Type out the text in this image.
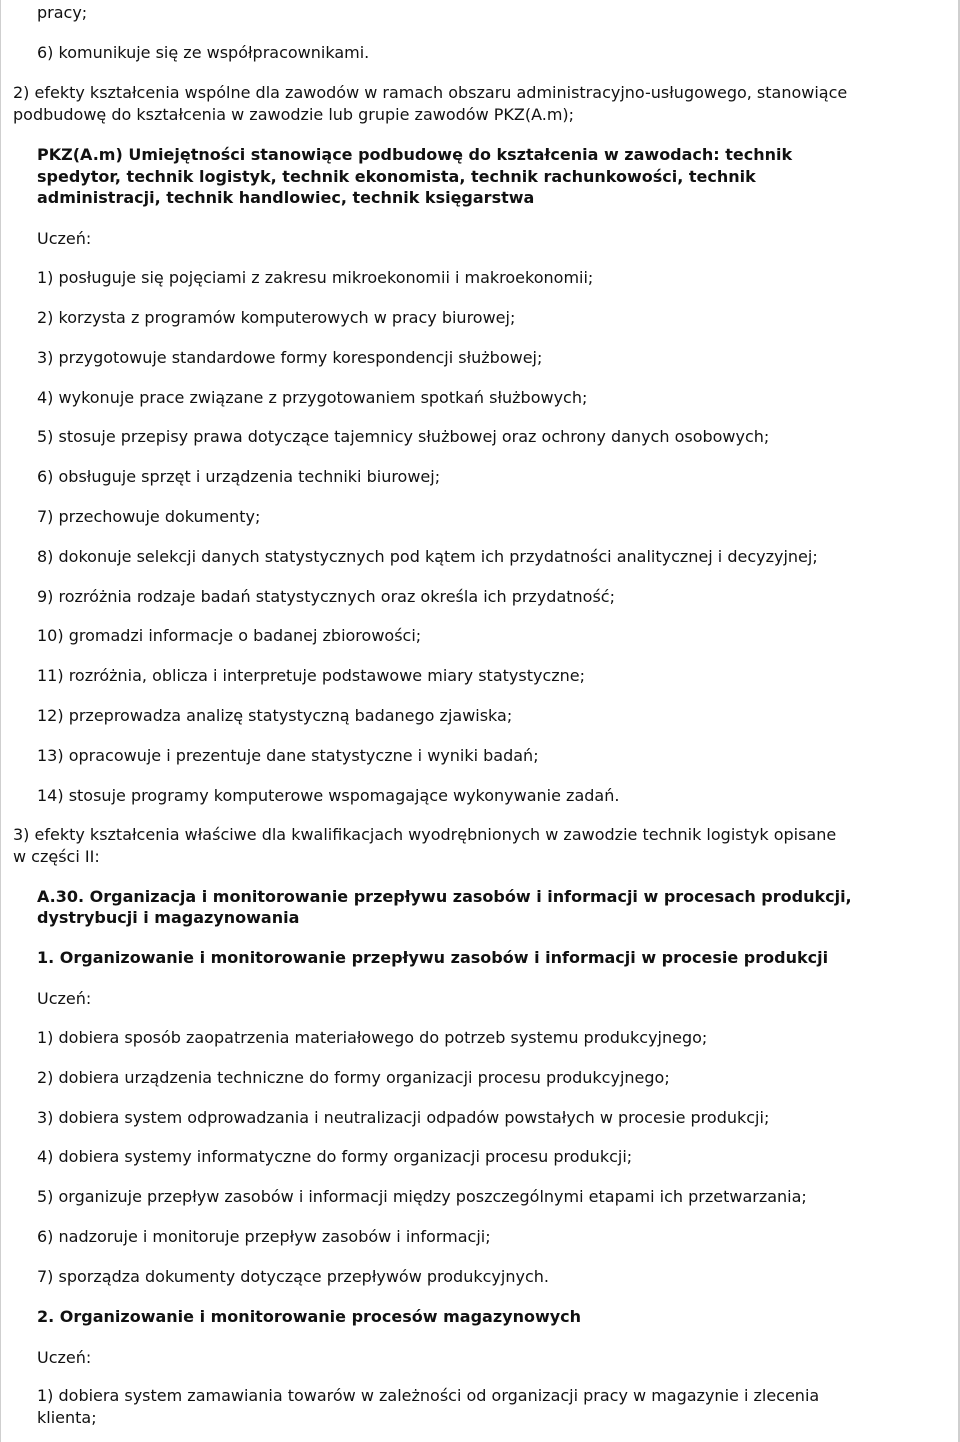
pracy;

6) komunikuje się ze współpracownikami.

2) efekty kształcenia wspólne dla zawodów w ramach obszaru administracyjno-usługowego, stanowiące

podbudowę do kształcenia w zawodzie lub grupie zawodów PKZ(A.m);

PKZ(A.m) Umiejętności stanowiące podbudowę do kształcenia w zawodach: technik

spedytor, technik logistyk, technik ekonomista, technik rachunkowości, technik

administracji, technik handlowiec, technik księgarstwa

Uczeń:

1) posługuje się pojęciami z zakresu mikroekonomii i makroekonomii;

2) korzysta z programów komputerowych w pracy biurowej;

3) przygotowuje standardowe formy korespondencji służbowej;

4) wykonuje prace związane z przygotowaniem spotkań służbowych;

5) stosuje przepisy prawa dotyczące tajemnicy służbowej oraz ochrony danych osobowych;

6) obsługuje sprzęt i urządzenia techniki biurowej;

7) przechowuje dokumenty;

8) dokonuje selekcji danych statystycznych pod kątem ich przydatności analitycznej i decyzyjnej;

9) rozróżnia rodzaje badań statystycznych oraz określa ich przydatność;

10) gromadzi informacje o badanej zbiorowości;

11) rozróżnia, oblicza i interpretuje podstawowe miary statystyczne;

12) przeprowadza analizę statystyczną badanego zjawiska;

13) opracowuje i prezentuje dane statystyczne i wyniki badań;

14) stosuje programy komputerowe wspomagające wykonywanie zadań.

3) efekty kształcenia właściwe dla kwalifikacjach wyodrębnionych w zawodzie technik logistyk opisane

w części II:

A.30. Organizacja i monitorowanie przepływu zasobów i informacji w procesach produkcji,

dystrybucji i magazynowania

1. Organizowanie i monitorowanie przepływu zasobów i informacji w procesie produkcji

Uczeń:

1) dobiera sposób zaopatrzenia materiałowego do potrzeb systemu produkcyjnego;

2) dobiera urządzenia techniczne do formy organizacji procesu produkcyjnego;

3) dobiera system odprowadzania i neutralizacji odpadów powstałych w procesie produkcji;

4) dobiera systemy informatyczne do formy organizacji procesu produkcji;

5) organizuje przepływ zasobów i informacji między poszczególnymi etapami ich przetwarzania;

6) nadzoruje i monitoruje przepływ zasobów i informacji;

7) sporządza dokumenty dotyczące przepływów produkcyjnych.

2. Organizowanie i monitorowanie procesów magazynowych

Uczeń:

1) dobiera system zamawiania towarów w zależności od organizacji pracy w magazynie i zlecenia

klienta;
